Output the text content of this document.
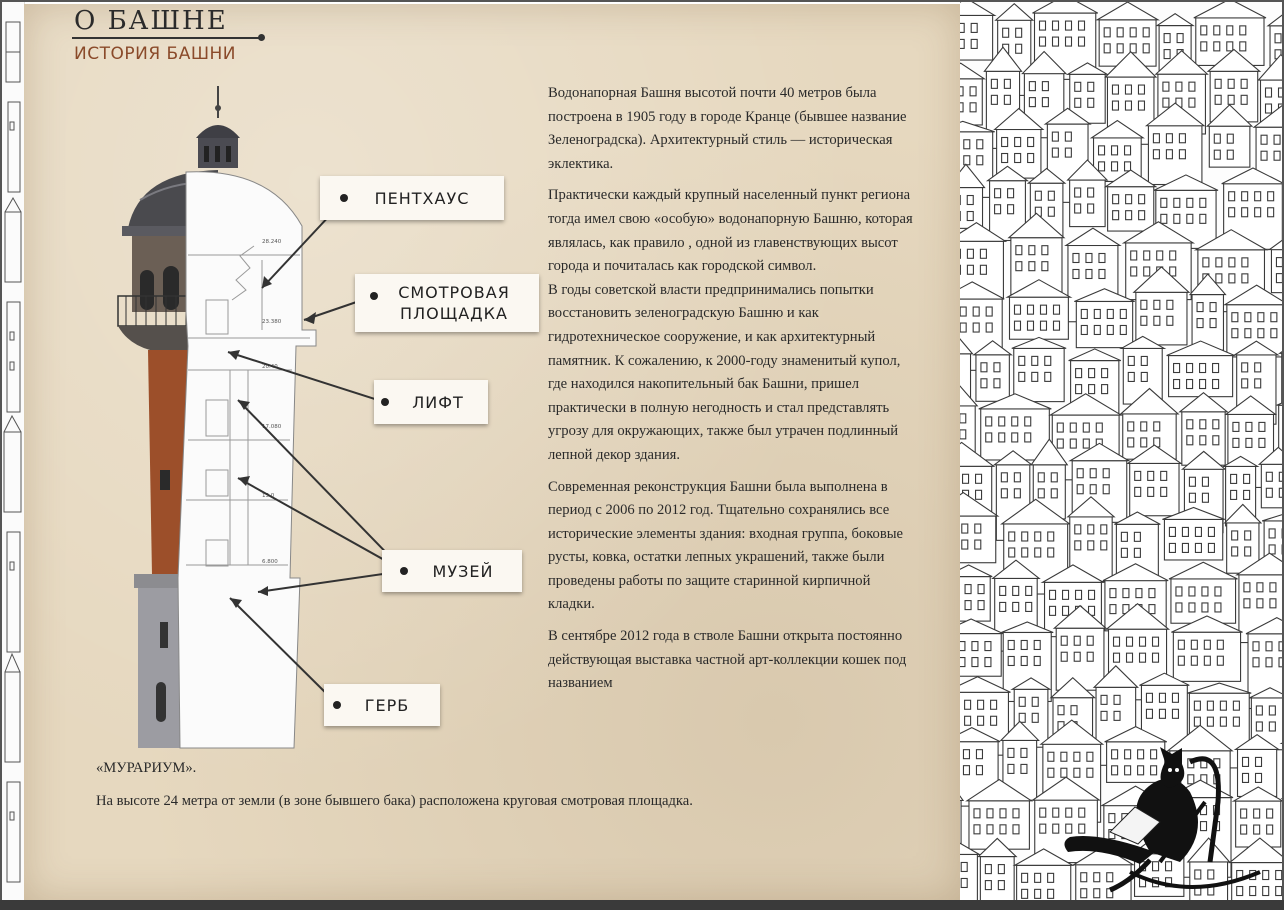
О БАШНЕ
ИСТОРИЯ БАШНИ
28.240
23.380
20.40
17.080
13.0
6.800
ПЕНТХАУС
СМОТРОВАЯ
ПЛОЩАДКА
ЛИФТ
МУЗЕЙ
ГЕРБ

Водонапорная Башня высотой почти 40 метров была построена в 1905 году в городе Кранце (бывшее название Зеленоградска). Архитектурный стиль — историческая эклектика.

Практически каждый крупный населенный пункт региона тогда имел свою «особую» водонапорную Башню, которая являлась, как правило , одной из главенствующих высот города и почиталась как городской символ.

В годы советской власти предпринимались попытки восстановить зеленоградскую Башню и как гидротехническое сооружение, и как архитектурный памятник. К сожалению, к 2000-году знаменитый купол, где находился накопительный бак Башни, пришел практически в полную негодность и стал представлять угрозу для окружающих, также был утрачен подлинный лепной декор здания.

Современная реконструкция Башни была выполнена в период с 2006 по 2012 год. Тщательно сохранялись все исторические элементы здания: входная группа, боковые русты, ковка, остатки лепных украшений, также были проведены работы по защите старинной кирпичной кладки.

В сентябре 2012 года в стволе Башни открыта постоянно действующая выставка частной арт-коллекции кошек под названием

«МУРАРИУМ».
На высоте 24 метра от земли (в зоне бывшего бака) расположена круговая смотровая площадка.
